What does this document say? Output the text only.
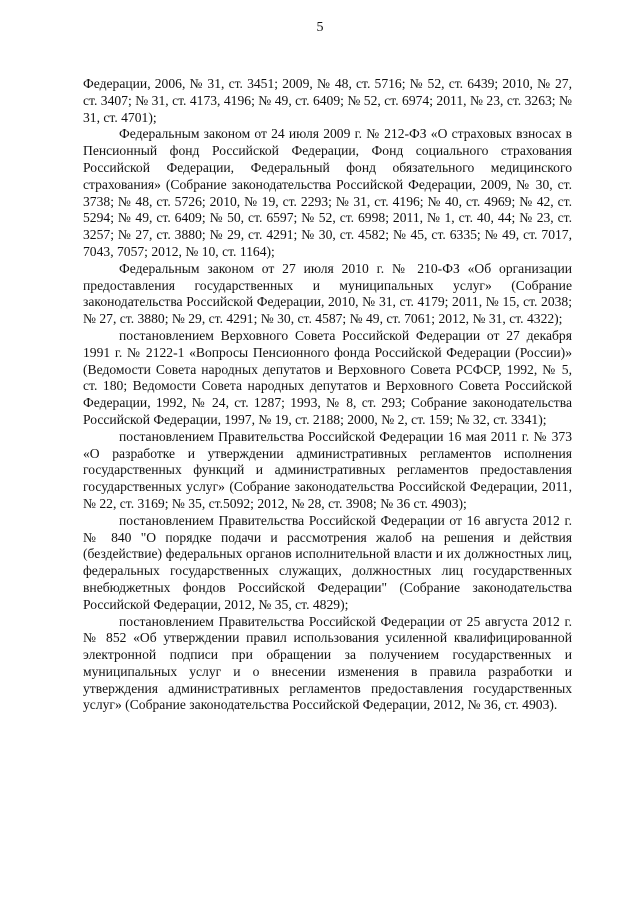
5

Федерации, 2006, № 31, ст. 3451; 2009, № 48, ст. 5716; № 52, ст. 6439; 2010, № 27, ст. 3407; № 31, ст. 4173, 4196; № 49, ст. 6409; № 52, ст. 6974; 2011, № 23, ст. 3263; № 31, ст. 4701);

Федеральным законом от 24 июля 2009 г. № 212-ФЗ «О страховых взносах в Пенсионный фонд Российской Федерации, Фонд социального страхования Российской Федерации, Федеральный фонд обязательного медицинского страхования» (Собрание законодательства Российской Федерации, 2009, № 30, ст. 3738; № 48, ст. 5726; 2010, № 19, ст. 2293; № 31, ст. 4196; № 40, ст. 4969; № 42, ст. 5294; № 49, ст. 6409; № 50, ст. 6597; № 52, ст. 6998; 2011, № 1, ст. 40, 44; № 23, ст. 3257; № 27, ст. 3880; № 29, ст. 4291; № 30, ст. 4582; № 45, ст. 6335; № 49, ст. 7017, 7043, 7057; 2012, № 10, ст. 1164);

Федеральным законом от 27 июля 2010 г. № 210-ФЗ «Об организации предоставления государственных и муниципальных услуг» (Собрание законодательства Российской Федерации, 2010, № 31, ст. 4179; 2011, № 15, ст. 2038; № 27, ст. 3880; № 29, ст. 4291; № 30, ст. 4587; № 49, ст. 7061; 2012, № 31, ст. 4322);

постановлением Верховного Совета Российской Федерации от 27 декабря 1991 г. № 2122-1 «Вопросы Пенсионного фонда Российской Федерации (России)» (Ведомости Совета народных депутатов и Верховного Совета РСФСР, 1992, № 5, ст. 180; Ведомости Совета народных депутатов и Верховного Совета Российской Федерации, 1992, № 24, ст. 1287; 1993, № 8, ст. 293; Собрание законодательства Российской Федерации, 1997, № 19, ст. 2188; 2000, № 2, ст. 159; № 32, ст. 3341);

постановлением Правительства Российской Федерации 16 мая 2011 г. № 373 «О разработке и утверждении административных регламентов исполнения государственных функций и административных регламентов предоставления государственных услуг» (Собрание законодательства Российской Федерации, 2011, № 22, ст. 3169; № 35, ст.5092; 2012, № 28, ст. 3908; № 36 ст. 4903);

постановлением Правительства Российской Федерации от 16 августа 2012 г. № 840 "О порядке подачи и рассмотрения жалоб на решения и действия (бездействие) федеральных органов исполнительной власти и их должностных лиц, федеральных государственных служащих, должностных лиц государственных внебюджетных фондов Российской Федерации" (Собрание законодательства Российской Федерации, 2012, № 35, ст. 4829);

постановлением Правительства Российской Федерации от 25 августа 2012 г. № 852 «Об утверждении правил использования усиленной квалифицированной электронной подписи при обращении за получением государственных и муниципальных услуг и о внесении изменения в правила разработки и утверждения административных регламентов предоставления государственных услуг» (Собрание законодательства Российской Федерации, 2012, № 36, ст. 4903).
